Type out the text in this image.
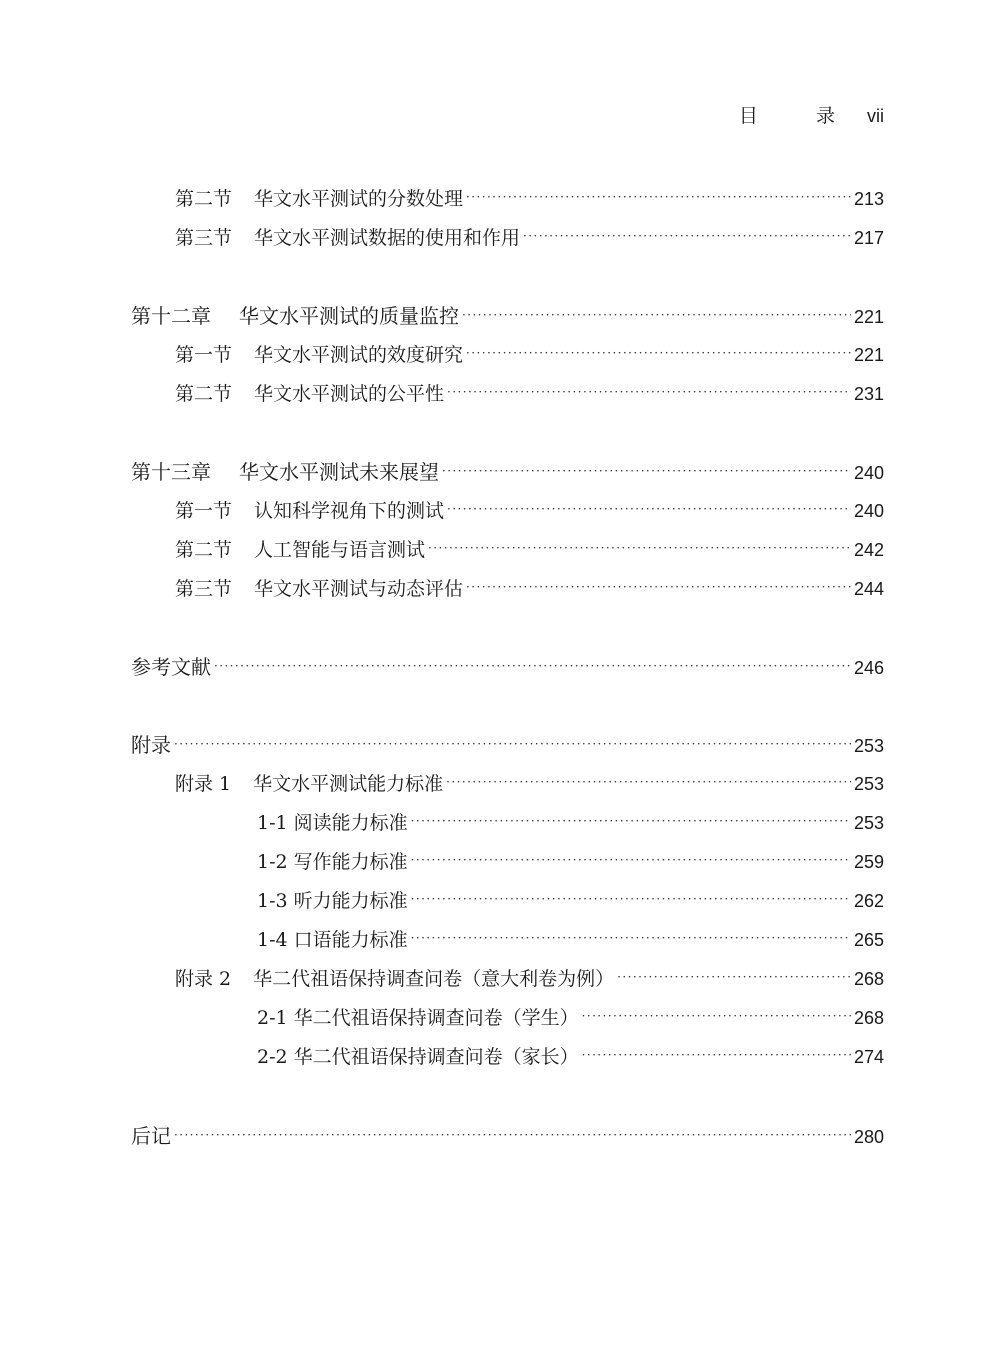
目 录 vii
第二节 华文水平测试的分数处理 · · ·	213
第三节 华文水平测试数据的使用和作用 · · ·	217
第十二章 华文水平测试的质量监控 · · ·	221
第一节 华文水平测试的效度研究 · · ·	221
第二节 华文水平测试的公平性 · · ·	231
第十三章 华文水平测试未来展望 · · ·	240
第一节 认知科学视角下的测试 · · ·	240
第二节 人工智能与语言测试 · · ·	242
第三节 华文水平测试与动态评估 · · ·	244
参考文献 · · ·	246
附录 · · ·	253
附录 1 华文水平测试能力标准 · · ·	253
1-1 阅读能力标准 · · ·	253
1-2 写作能力标准 · · ·	259
1-3 听力能力标准 · · ·	262
1-4 口语能力标准 · · ·	265
附录 2 华二代祖语保持调查问卷（意大利卷为例） · · ·	268
2-1 华二代祖语保持调查问卷（学生） · · ·	268
2-2 华二代祖语保持调查问卷（家长） · · ·	274
后记 · · ·	280
